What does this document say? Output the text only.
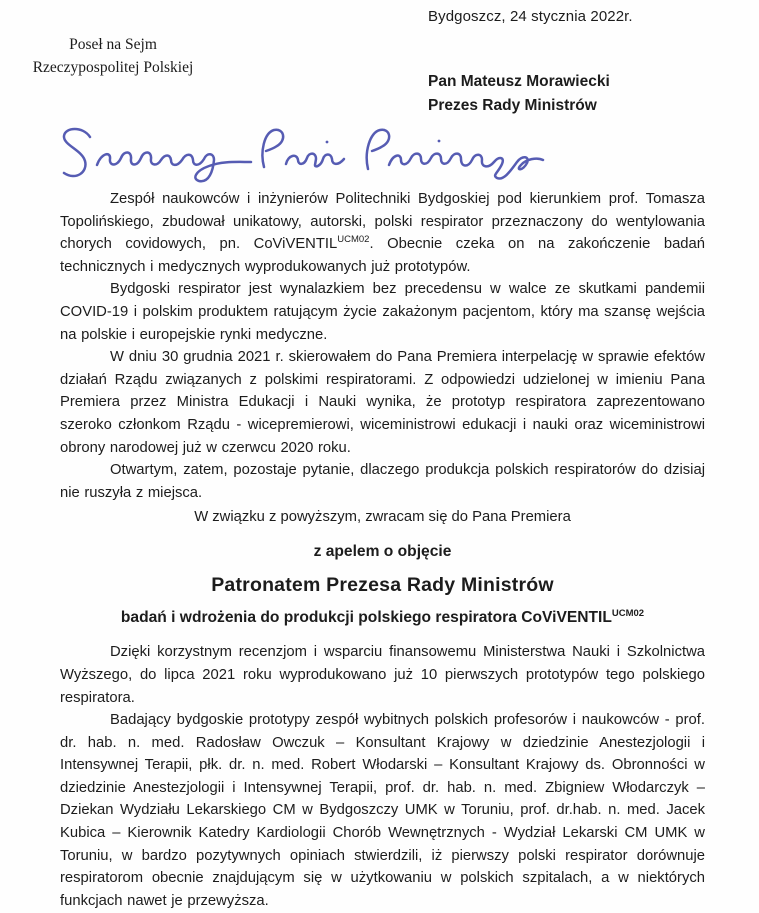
Bydgoszcz, 24 stycznia 2022r.
Poseł na Sejm
Rzeczypospolitej Polskiej
Pan Mateusz Morawiecki
Prezes Rady Ministrów

Zespół naukowców i inżynierów Politechniki Bydgoskiej pod kierunkiem prof. Tomasza Topolińskiego, zbudował unikatowy, autorski, polski respirator przeznaczony do wentylowania chorych covidowych, pn. CoViVENTIL$^{UCM02}$. Obecnie czeka on na zakończenie badań technicznych i medycznych wyprodukowanych już prototypów.

Bydgoski respirator jest wynalazkiem bez precedensu w walce ze skutkami pandemii COVID-19 i polskim produktem ratującym życie zakażonym pacjentom, który ma szansę wejścia na polskie i europejskie rynki medyczne.

W dniu 30 grudnia 2021 r. skierowałem do Pana Premiera interpelację w sprawie efektów działań Rządu związanych z polskimi respiratorami. Z odpowiedzi udzielonej w imieniu Pana Premiera przez Ministra Edukacji i Nauki wynika, że prototyp respiratora zaprezentowano szeroko członkom Rządu - wicepremierowi, wiceministrowi edukacji i nauki oraz wiceministrowi obrony narodowej już w czerwcu 2020 roku.

Otwartym, zatem, pozostaje pytanie, dlaczego produkcja polskich respiratorów do dzisiaj nie ruszyła z miejsca.

W związku z powyższym, zwracam się do Pana Premiera

z apelem o objęcie

Patronatem Prezesa Rady Ministrów

badań i wdrożenia do produkcji polskiego respiratora CoViVENTIL$^{UCM02}$

Dzięki korzystnym recenzjom i wsparciu finansowemu Ministerstwa Nauki i Szkolnictwa Wyższego, do lipca 2021 roku wyprodukowano już 10 pierwszych prototypów tego polskiego respiratora.

Badający bydgoskie prototypy zespół wybitnych polskich profesorów i naukowców - prof. dr. hab. n. med. Radosław Owczuk – Konsultant Krajowy w dziedzinie Anestezjologii i Intensywnej Terapii, płk. dr. n. med. Robert Włodarski – Konsultant Krajowy ds. Obronności w dziedzinie Anestezjologii i Intensywnej Terapii, prof. dr. hab. n. med. Zbigniew Włodarczyk – Dziekan Wydziału Lekarskiego CM w Bydgoszczy UMK w Toruniu, prof. dr.hab. n. med. Jacek Kubica – Kierownik Katedry Kardiologii Chorób Wewnętrznych - Wydział Lekarski CM UMK w Toruniu, w bardzo pozytywnych opiniach stwierdzili, iż pierwszy polski respirator dorównuje respiratorom obecnie znajdującym się w użytkowaniu w polskich szpitalach, a w niektórych funkcjach nawet je przewyższa.
